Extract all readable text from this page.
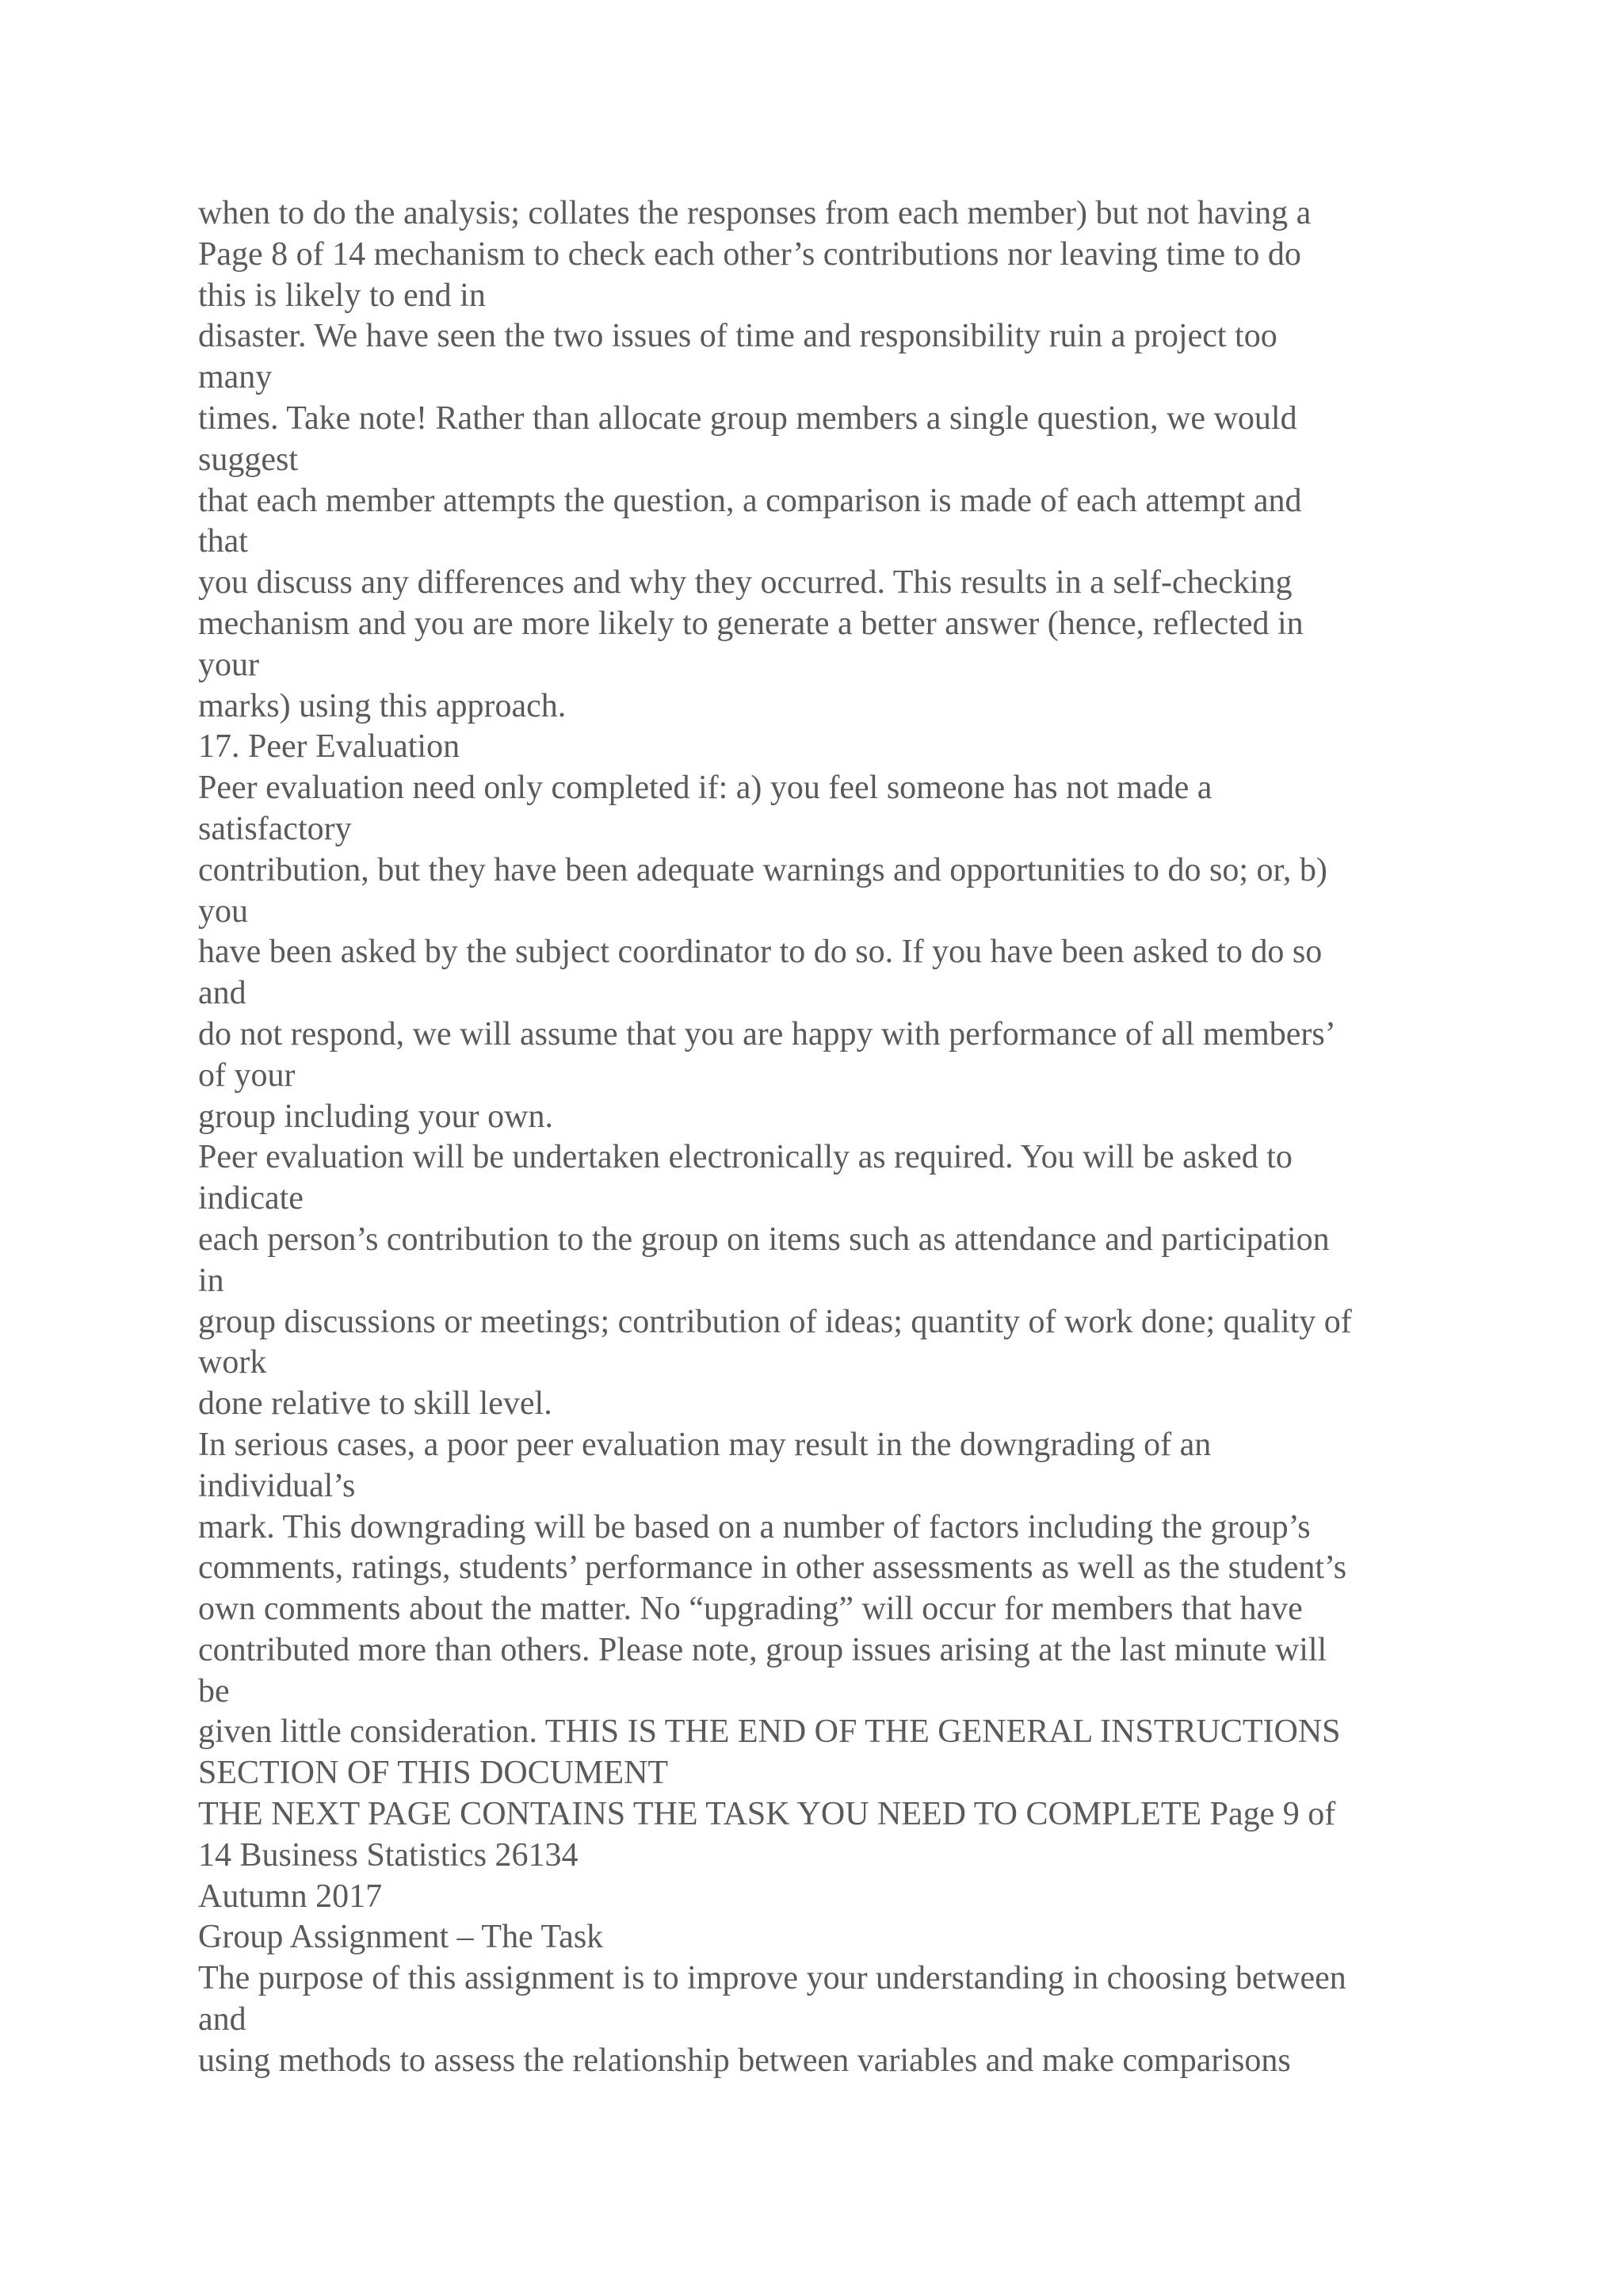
when to do the analysis; collates the responses from each member) but not having a
Page 8 of 14 mechanism to check each other’s contributions nor leaving time to do
this is likely to end in
disaster. We have seen the two issues of time and responsibility ruin a project too
many
times. Take note! Rather than allocate group members a single question, we would
suggest
that each member attempts the question, a comparison is made of each attempt and
that
you discuss any differences and why they occurred. This results in a self-checking
mechanism and you are more likely to generate a better answer (hence, reflected in
your
marks) using this approach.
17. Peer Evaluation
Peer evaluation need only completed if: a) you feel someone has not made a
satisfactory
contribution, but they have been adequate warnings and opportunities to do so; or, b)
you
have been asked by the subject coordinator to do so. If you have been asked to do so
and
do not respond, we will assume that you are happy with performance of all members’
of your
group including your own.
Peer evaluation will be undertaken electronically as required. You will be asked to
indicate
each person’s contribution to the group on items such as attendance and participation
in
group discussions or meetings; contribution of ideas; quantity of work done; quality of
work
done relative to skill level.
In serious cases, a poor peer evaluation may result in the downgrading of an
individual’s
mark. This downgrading will be based on a number of factors including the group’s
comments, ratings, students’ performance in other assessments as well as the student’s
own comments about the matter. No “upgrading” will occur for members that have
contributed more than others. Please note, group issues arising at the last minute will
be
given little consideration. THIS IS THE END OF THE GENERAL INSTRUCTIONS
SECTION OF THIS DOCUMENT
THE NEXT PAGE CONTAINS THE TASK YOU NEED TO COMPLETE Page 9 of
14 Business Statistics 26134
Autumn 2017
Group Assignment – The Task
The purpose of this assignment is to improve your understanding in choosing between
and
using methods to assess the relationship between variables and make comparisons
